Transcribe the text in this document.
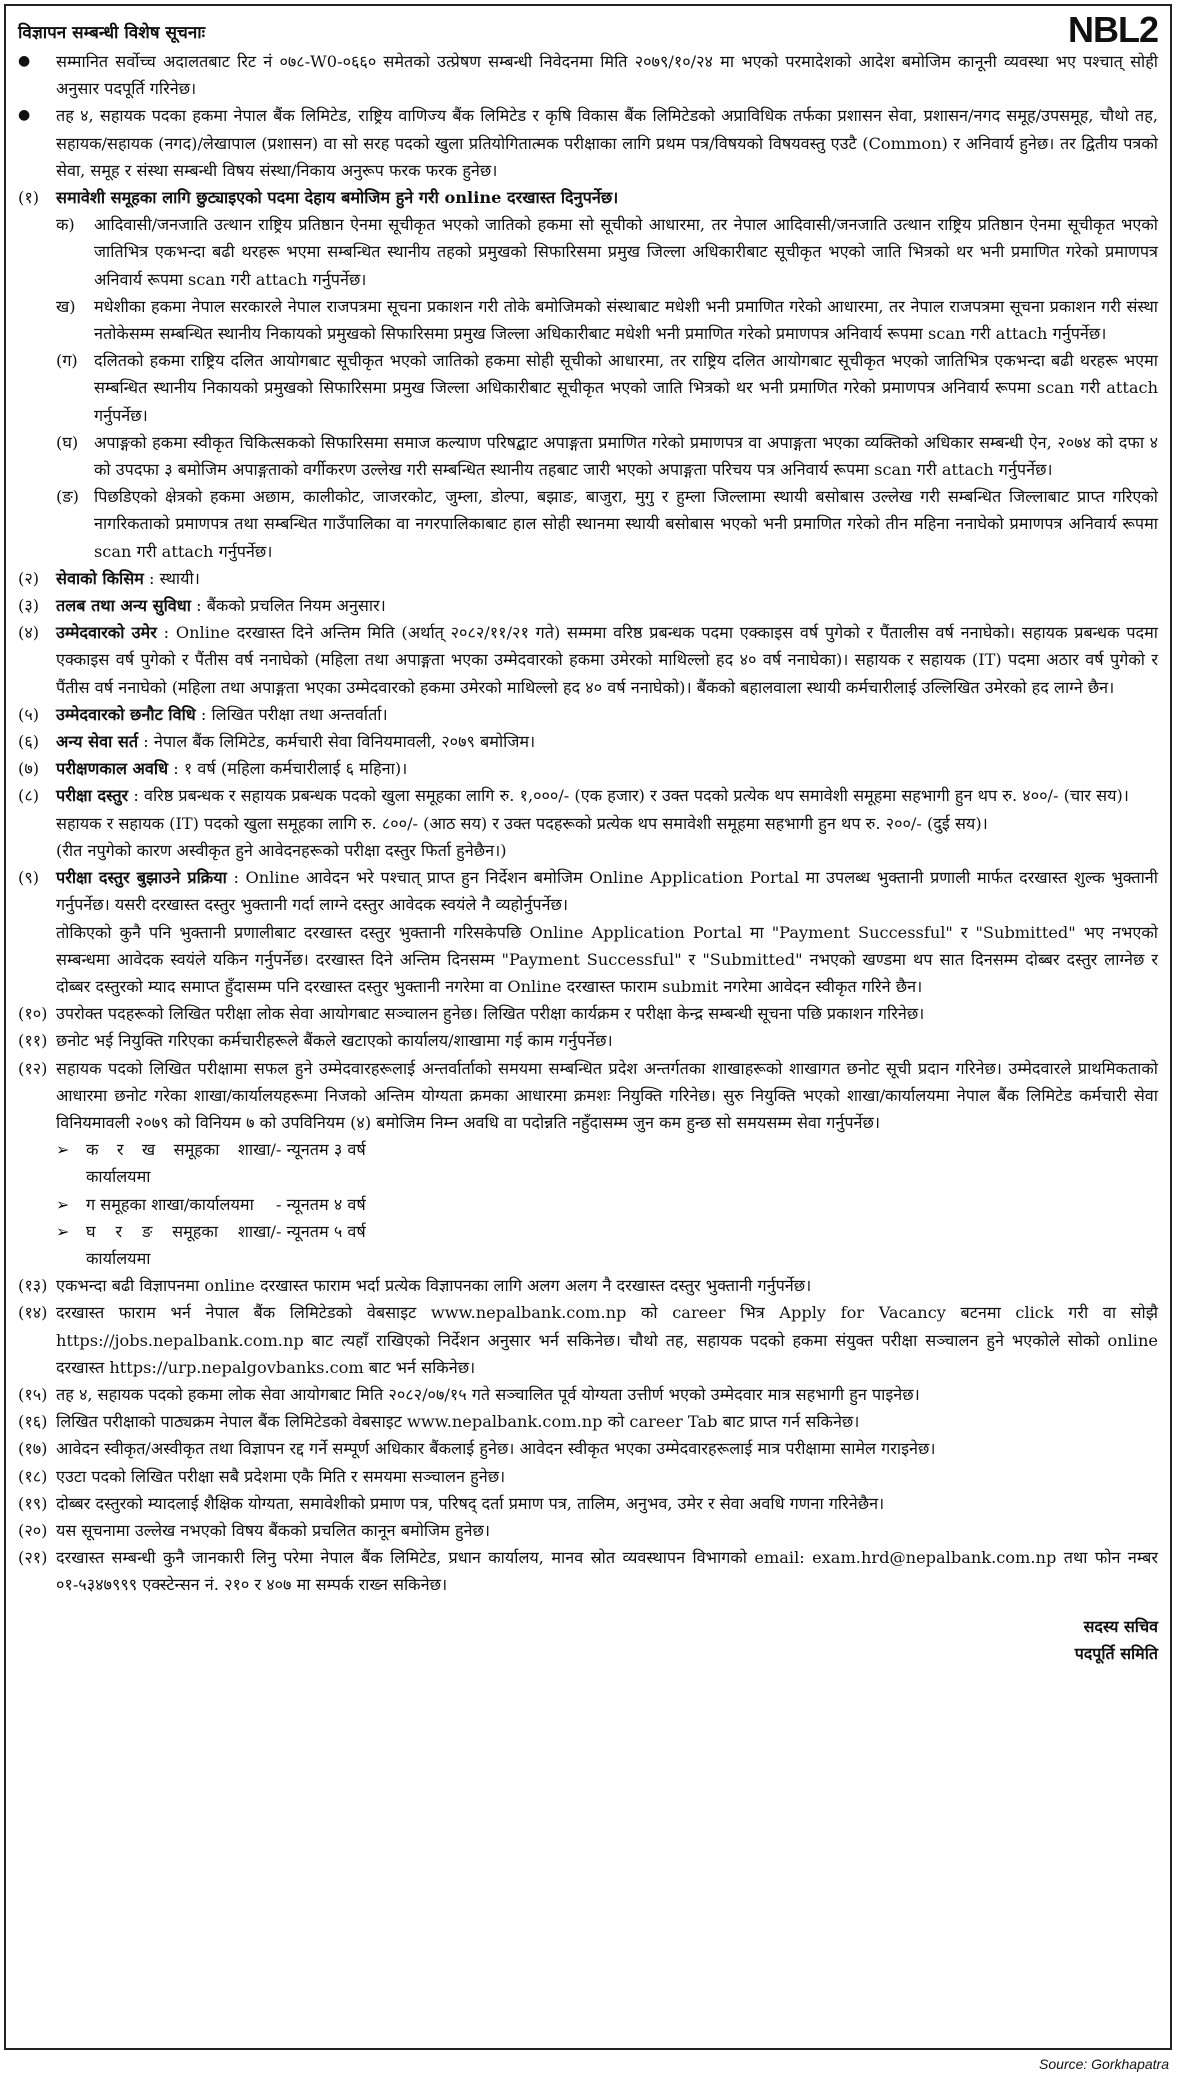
विज्ञापन सम्बन्धी विशेष सूचनाः	NBL2
●	सम्मानित सर्वोच्च अदालतबाट रिट नं ०७८-W0-०६६० समेतको उत्प्रेषण सम्बन्धी निवेदनमा मिति २०७९/१०/२४ मा भएको परमादेशको आदेश बमोजिम कानूनी व्यवस्था भए पश्चात् सोही अनुसार पदपूर्ति गरिनेछ।
●	तह ४, सहायक पदका हकमा नेपाल बैंक लिमिटेड, राष्ट्रिय वाणिज्य बैंक लिमिटेड र कृषि विकास बैंक लिमिटेडको अप्राविधिक तर्फका प्रशासन सेवा, प्रशासन/नगद समूह/उपसमूह, चौथो तह, सहायक/सहायक (नगद)/लेखापाल (प्रशासन) वा सो सरह पदको खुला प्रतियोगितात्मक परीक्षाका लागि प्रथम पत्र/विषयको विषयवस्तु एउटै (Common) र अनिवार्य हुनेछ। तर द्वितीय पत्रको सेवा, समूह र संस्था सम्बन्धी विषय संस्था/निकाय अनुरूप फरक फरक हुनेछ।
(१)	समावेशी समूहका लागि छुट्याइएको पदमा देहाय बमोजिम हुने गरी online दरखास्त दिनुपर्नेछ।
क)	आदिवासी/जनजाति उत्थान राष्ट्रिय प्रतिष्ठान ऐनमा सूचीकृत भएको जातिको हकमा सो सूचीको आधारमा, तर नेपाल आदिवासी/जनजाति उत्थान राष्ट्रिय प्रतिष्ठान ऐनमा सूचीकृत भएको जातिभित्र एकभन्दा बढी थरहरू भएमा सम्बन्धित स्थानीय तहको प्रमुखको सिफारिसमा प्रमुख जिल्ला अधिकारीबाट सूचीकृत भएको जाति भित्रको थर भनी प्रमाणित गरेको प्रमाणपत्र अनिवार्य रूपमा scan गरी attach गर्नुपर्नेछ।
ख)	मधेशीका हकमा नेपाल सरकारले नेपाल राजपत्रमा सूचना प्रकाशन गरी तोके बमोजिमको संस्थाबाट मधेशी भनी प्रमाणित गरेको आधारमा, तर नेपाल राजपत्रमा सूचना प्रकाशन गरी संस्था नतोकेसम्म सम्बन्धित स्थानीय निकायको प्रमुखको सिफारिसमा प्रमुख जिल्ला अधिकारीबाट मधेशी भनी प्रमाणित गरेको प्रमाणपत्र अनिवार्य रूपमा scan गरी attach गर्नुपर्नेछ।
(ग)	दलितको हकमा राष्ट्रिय दलित आयोगबाट सूचीकृत भएको जातिको हकमा सोही सूचीको आधारमा, तर राष्ट्रिय दलित आयोगबाट सूचीकृत भएको जातिभित्र एकभन्दा बढी थरहरू भएमा सम्बन्धित स्थानीय निकायको प्रमुखको सिफारिसमा प्रमुख जिल्ला अधिकारीबाट सूचीकृत भएको जाति भित्रको थर भनी प्रमाणित गरेको प्रमाणपत्र अनिवार्य रूपमा scan गरी attach गर्नुपर्नेछ।
(घ) अपाङ्गको हकमा स्वीकृत चिकित्सकको सिफारिसमा समाज कल्याण परिषद्बाट अपाङ्गता प्रमाणित गरेको प्रमाणपत्र वा अपाङ्गता भएका व्यक्तिको अधिकार सम्बन्धी ऐन, २०७४ को दफा ४ को उपदफा ३ बमोजिम अपाङ्गताको वर्गीकरण उल्लेख गरी सम्बन्धित स्थानीय तहबाट जारी भएको अपाङ्गता परिचय पत्र अनिवार्य रूपमा scan गरी attach गर्नुपर्नेछ।
(ङ) पिछडिएको क्षेत्रको हकमा अछाम, कालीकोट, जाजरकोट, जुम्ला, डोल्पा, बझाङ, बाजुरा, मुगु र हुम्ला जिल्लामा स्थायी बसोबास उल्लेख गरी सम्बन्धित जिल्लाबाट प्राप्त गरिएको नागरिकताको प्रमाणपत्र तथा सम्बन्धित गाउँपालिका वा नगरपालिकाबाट हाल सोही स्थानमा स्थायी बसोबास भएको भनी प्रमाणित गरेको तीन महिना ननाघेको प्रमाणपत्र अनिवार्य रूपमा scan गरी attach गर्नुपर्नेछ।
(२)	सेवाको किसिम : स्थायी।
(३)	तलब तथा अन्य सुविधा : बैंकको प्रचलित नियम अनुसार।
(४)	उम्मेदवारको उमेर : Online दरखास्त दिने अन्तिम मिति (अर्थात् २०८२/११/२१ गते) सम्ममा वरिष्ठ प्रबन्धक पदमा एक्काइस वर्ष पुगेको र पैंतालीस वर्ष ननाघेको। सहायक प्रबन्धक पदमा एक्काइस वर्ष पुगेको र पैंतीस वर्ष ननाघेको (महिला तथा अपाङ्गता भएका उम्मेदवारको हकमा उमेरको माथिल्लो हद ४० वर्ष ननाघेका)। सहायक र सहायक (IT) पदमा अठार वर्ष पुगेको र पैंतीस वर्ष ननाघेको (महिला तथा अपाङ्गता भएका उम्मेदवारको हकमा उमेरको माथिल्लो हद ४० वर्ष ननाघेको)। बैंकको बहालवाला स्थायी कर्मचारीलाई उल्लिखित उमेरको हद लाग्ने छैन।
(५)	उम्मेदवारको छनौट विधि : लिखित परीक्षा तथा अन्तर्वार्ता।
(६)	अन्य सेवा सर्त : नेपाल बैंक लिमिटेड, कर्मचारी सेवा विनियमावली, २०७९ बमोजिम।
(७)	परीक्षणकाल अवधि : १ वर्ष (महिला कर्मचारीलाई ६ महिना)।
(८)	परीक्षा दस्तुर : वरिष्ठ प्रबन्धक र सहायक प्रबन्धक पदको खुला समूहका लागि रु. १,०००/- (एक हजार) र उक्त पदको प्रत्येक थप समावेशी समूहमा सहभागी हुन थप रु. ४००/- (चार सय)।
सहायक र सहायक (IT) पदको खुला समूहका लागि रु. ८००/- (आठ सय) र उक्त पदहरूको प्रत्येक थप समावेशी समूहमा सहभागी हुन थप रु. २००/- (दुई सय)।
(रीत नपुगेको कारण अस्वीकृत हुने आवेदनहरूको परीक्षा दस्तुर फिर्ता हुनेछैन।)
(९)	परीक्षा दस्तुर बुझाउने प्रक्रिया : Online आवेदन भरे पश्चात् प्राप्त हुन निर्देशन बमोजिम Online Application Portal मा उपलब्ध भुक्तानी प्रणाली मार्फत दरखास्त शुल्क भुक्तानी गर्नुपर्नेछ। यसरी दरखास्त दस्तुर भुक्तानी गर्दा लाग्ने दस्तुर आवेदक स्वयंले नै व्यहोर्नुपर्नेछ।
तोकिएको कुनै पनि भुक्तानी प्रणालीबाट दरखास्त दस्तुर भुक्तानी गरिसकेपछि Online Application Portal मा "Payment Successful" र "Submitted" भए नभएको सम्बन्धमा आवेदक स्वयंले यकिन गर्नुपर्नेछ। दरखास्त दिने अन्तिम दिनसम्म "Payment Successful" र "Submitted" नभएको खण्डमा थप सात दिनसम्म दोब्बर दस्तुर लाग्नेछ र दोब्बर दस्तुरको म्याद समाप्त हुँदासम्म पनि दरखास्त दस्तुर भुक्तानी नगरेमा वा Online दरखास्त फाराम submit नगरेमा आवेदन स्वीकृत गरिने छैन।
(१०) उपरोक्त पदहरूको लिखित परीक्षा लोक सेवा आयोगबाट सञ्चालन हुनेछ। लिखित परीक्षा कार्यक्रम र परीक्षा केन्द्र सम्बन्धी सूचना पछि प्रकाशन गरिनेछ।
(११) छनोट भई नियुक्ति गरिएका कर्मचारीहरूले बैंकले खटाएको कार्यालय/शाखामा गई काम गर्नुपर्नेछ।
(१२) सहायक पदको लिखित परीक्षामा सफल हुने उम्मेदवारहरूलाई अन्तर्वार्ताको समयमा सम्बन्धित प्रदेश अन्तर्गतका शाखाहरूको शाखागत छनोट सूची प्रदान गरिनेछ। उम्मेदवारले प्राथमिकताको आधारमा छनोट गरेका शाखा/कार्यालयहरूमा निजको अन्तिम योग्यता क्रमका आधारमा क्रमशः नियुक्ति गरिनेछ। सुरु नियुक्ति भएको शाखा/कार्यालयमा नेपाल बैंक लिमिटेड कर्मचारी सेवा विनियमावली २०७९ को विनियम ७ को उपविनियम (४) बमोजिम निम्न अवधि वा पदोन्नति नहुँदासम्म जुन कम हुन्छ सो समयसम्म सेवा गर्नुपर्नेछ।
➢	क र ख समूहका शाखा/कार्यालयमा
- न्यूनतम ३ वर्ष
➢	ग समूहका शाखा/कार्यालयमा	- न्यूनतम ४ वर्ष
➢	घ र ङ समूहका शाखा/कार्यालयमा
- न्यूनतम ५ वर्ष
(१३) एकभन्दा बढी विज्ञापनमा online दरखास्त फाराम भर्दा प्रत्येक विज्ञापनका लागि अलग अलग नै दरखास्त दस्तुर भुक्तानी गर्नुपर्नेछ।
(१४) दरखास्त फाराम भर्न नेपाल बैंक लिमिटेडको वेबसाइट www.nepalbank.com.np को career भित्र Apply for Vacancy बटनमा click गरी वा सोझै https://jobs.nepalbank.com.np बाट त्यहाँ राखिएको निर्देशन अनुसार भर्न सकिनेछ। चौथो तह, सहायक पदको हकमा संयुक्त परीक्षा सञ्चालन हुने भएकोले सोको online दरखास्त https://urp.nepalgovbanks.com बाट भर्न सकिनेछ।
(१५) तह ४, सहायक पदको हकमा लोक सेवा आयोगबाट मिति २०८२/०७/१५ गते सञ्चालित पूर्व योग्यता उत्तीर्ण भएको उम्मेदवार मात्र सहभागी हुन पाइनेछ।
(१६) लिखित परीक्षाको पाठ्यक्रम नेपाल बैंक लिमिटेडको वेबसाइट www.nepalbank.com.np को career Tab बाट प्राप्त गर्न सकिनेछ।
(१७) आवेदन स्वीकृत/अस्वीकृत तथा विज्ञापन रद्द गर्ने सम्पूर्ण अधिकार बैंकलाई हुनेछ। आवेदन स्वीकृत भएका उम्मेदवारहरूलाई मात्र परीक्षामा सामेल गराइनेछ।
(१८) एउटा पदको लिखित परीक्षा सबै प्रदेशमा एकै मिति र समयमा सञ्चालन हुनेछ।
(१९) दोब्बर दस्तुरको म्यादलाई शैक्षिक योग्यता, समावेशीको प्रमाण पत्र, परिषद् दर्ता प्रमाण पत्र, तालिम, अनुभव, उमेर र सेवा अवधि गणना गरिनेछैन।
(२०) यस सूचनामा उल्लेख नभएको विषय बैंकको प्रचलित कानून बमोजिम हुनेछ।
(२१) दरखास्त सम्बन्धी कुनै जानकारी लिनु परेमा नेपाल बैंक लिमिटेड, प्रधान कार्यालय, मानव स्रोत व्यवस्थापन विभागको email: exam.hrd@nepalbank.com.np तथा फोन नम्बर ०१-५३४७९९९ एक्स्टेन्सन नं. २१० र ४०७ मा सम्पर्क राख्न सकिनेछ।
सदस्य सचिव
पदपूर्ति समिति
Source: Gorkhapatra
